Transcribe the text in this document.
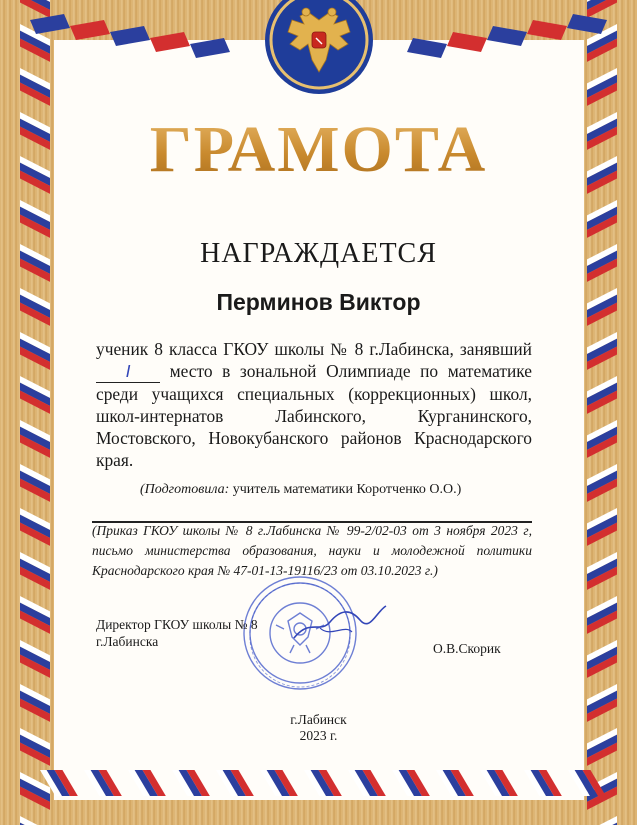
ГРАМОТА
НАГРАЖДАЕТСЯ
Перминов Виктор
ученик 8 класса ГКОУ школы № 8 г.Лабинска, занявший I место в зональной Олимпиаде по математике среди учащихся специальных (коррекционных) школ, школ-интернатов Лабинского, Курганинского, Мостовского, Новокубанского районов Краснодарского края.
(Подготовила: учитель математики Коротченко О.О.)
(Приказ ГКОУ школы № 8 г.Лабинска № 99-2/02-03 от 3 ноября 2023 г, письмо министерства образования, науки и молодежной политики Краснодарского края № 47-01-13-19116/23 от 03.10.2023 г.)
Директор ГКОУ школы № 8
г.Лабинска	О.В.Скорик
г.Лабинск
2023 г.
